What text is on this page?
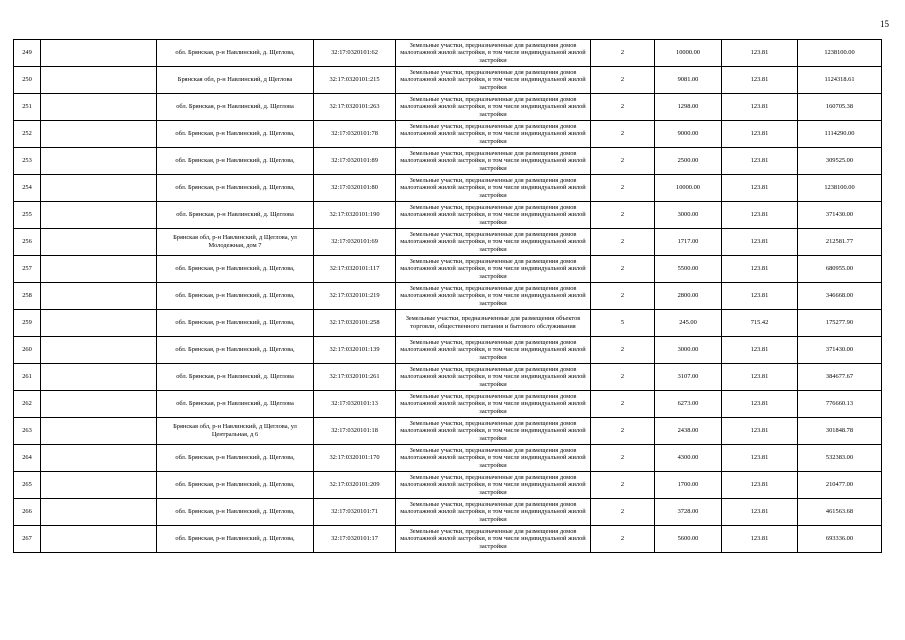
15
249		обл. Брянская, р-н Навлинский, д. Щеглова,	32:17:0320101:62	Земельные участки, предназначенные для размещения домов малоэтажной жилой застройки, в том числе индивидуальной жилой застройки	2	10000.00	123.81	1238100.00
250		Брянская обл, р-н Навлинский, д Щеглова	32:17:0320101:215	Земельные участки, предназначенные для размещения домов малоэтажной жилой застройки, в том числе индивидуальной жилой застройки	2	9081.00	123.81	1124318.61
251		обл. Брянская, р-н Навлинский, д. Щеглова	32:17:0320101:263	Земельные участки, предназначенные для размещения домов малоэтажной жилой застройки, в том числе индивидуальной жилой застройки	2	1298.00	123.81	160705.38
252		обл. Брянская, р-н Навлинский, д. Щеглова,	32:17:0320101:78	Земельные участки, предназначенные для размещения домов малоэтажной жилой застройки, в том числе индивидуальной жилой застройки	2	9000.00	123.81	1114290.00
253		обл. Брянская, р-н Навлинский, д. Щеглова,	32:17:0320101:89	Земельные участки, предназначенные для размещения домов малоэтажной жилой застройки, в том числе индивидуальной жилой застройки	2	2500.00	123.81	309525.00
254		обл. Брянская, р-н Навлинский, д. Щеглова,	32:17:0320101:80	Земельные участки, предназначенные для размещения домов малоэтажной жилой застройки, в том числе индивидуальной жилой застройки	2	10000.00	123.81	1238100.00
255		обл. Брянская, р-н Навлинский, д. Щеглова	32:17:0320101:190	Земельные участки, предназначенные для размещения домов малоэтажной жилой застройки, в том числе индивидуальной жилой застройки	2	3000.00	123.81	371430.00
256		Брянская обл, р-н Навлинский, д Щеглова, ул Молодежная, дом 7	32:17:0320101:69	Земельные участки, предназначенные для размещения домов малоэтажной жилой застройки, в том числе индивидуальной жилой застройки	2	1717.00	123.81	212581.77
257		обл. Брянская, р-н Навлинский, д. Щеглова,	32:17:0320101:117	Земельные участки, предназначенные для размещения домов малоэтажной жилой застройки, в том числе индивидуальной жилой застройки	2	5500.00	123.81	680955.00
258		обл. Брянская, р-н Навлинский, д. Щеглова,	32:17:0320101:219	Земельные участки, предназначенные для размещения домов малоэтажной жилой застройки, в том числе индивидуальной жилой застройки	2	2800.00	123.81	346668.00
259		обл. Брянская, р-н Навлинский, д. Щеглова,	32:17:0320101:258	Земельные участки, предназначенные для размещения объектов торговли, общественного питания и бытового обслуживания	5	245.00	715.42	175277.90
260		обл. Брянская, р-н Навлинский, д. Щеглова,	32:17:0320101:139	Земельные участки, предназначенные для размещения домов малоэтажной жилой застройки, в том числе индивидуальной жилой застройки	2	3000.00	123.81	371430.00
261		обл. Брянская, р-н Навлинский, д. Щеглова	32:17:0320101:261	Земельные участки, предназначенные для размещения домов малоэтажной жилой застройки, в том числе индивидуальной жилой застройки	2	3107.00	123.81	384677.67
262		обл. Брянская, р-н Навлинский, д. Щеглова	32:17:0320101:13	Земельные участки, предназначенные для размещения домов малоэтажной жилой застройки, в том числе индивидуальной жилой застройки	2	6273.00	123.81	776660.13
263		Брянская обл, р-н Навлинский, д Щеглова, ул Центральная, д 6	32:17:0320101:18	Земельные участки, предназначенные для размещения домов малоэтажной жилой застройки, в том числе индивидуальной жилой застройки	2	2438.00	123.81	301848.78
264		обл. Брянская, р-н Навлинский, д. Щеглова,	32:17:0320101:170	Земельные участки, предназначенные для размещения домов малоэтажной жилой застройки, в том числе индивидуальной жилой застройки	2	4300.00	123.81	532383.00
265		обл. Брянская, р-н Навлинский, д. Щеглова,	32:17:0320101:209	Земельные участки, предназначенные для размещения домов малоэтажной жилой застройки, в том числе индивидуальной жилой застройки	2	1700.00	123.81	210477.00
266		обл. Брянская, р-н Навлинский, д. Щеглова,	32:17:0320101:71	Земельные участки, предназначенные для размещения домов малоэтажной жилой застройки, в том числе индивидуальной жилой застройки	2	3728.00	123.81	461563.68
267		обл. Брянская, р-н Навлинский, д. Щеглова,	32:17:0320101:17	Земельные участки, предназначенные для размещения домов малоэтажной жилой застройки, в том числе индивидуальной жилой застройки	2	5600.00	123.81	693336.00
